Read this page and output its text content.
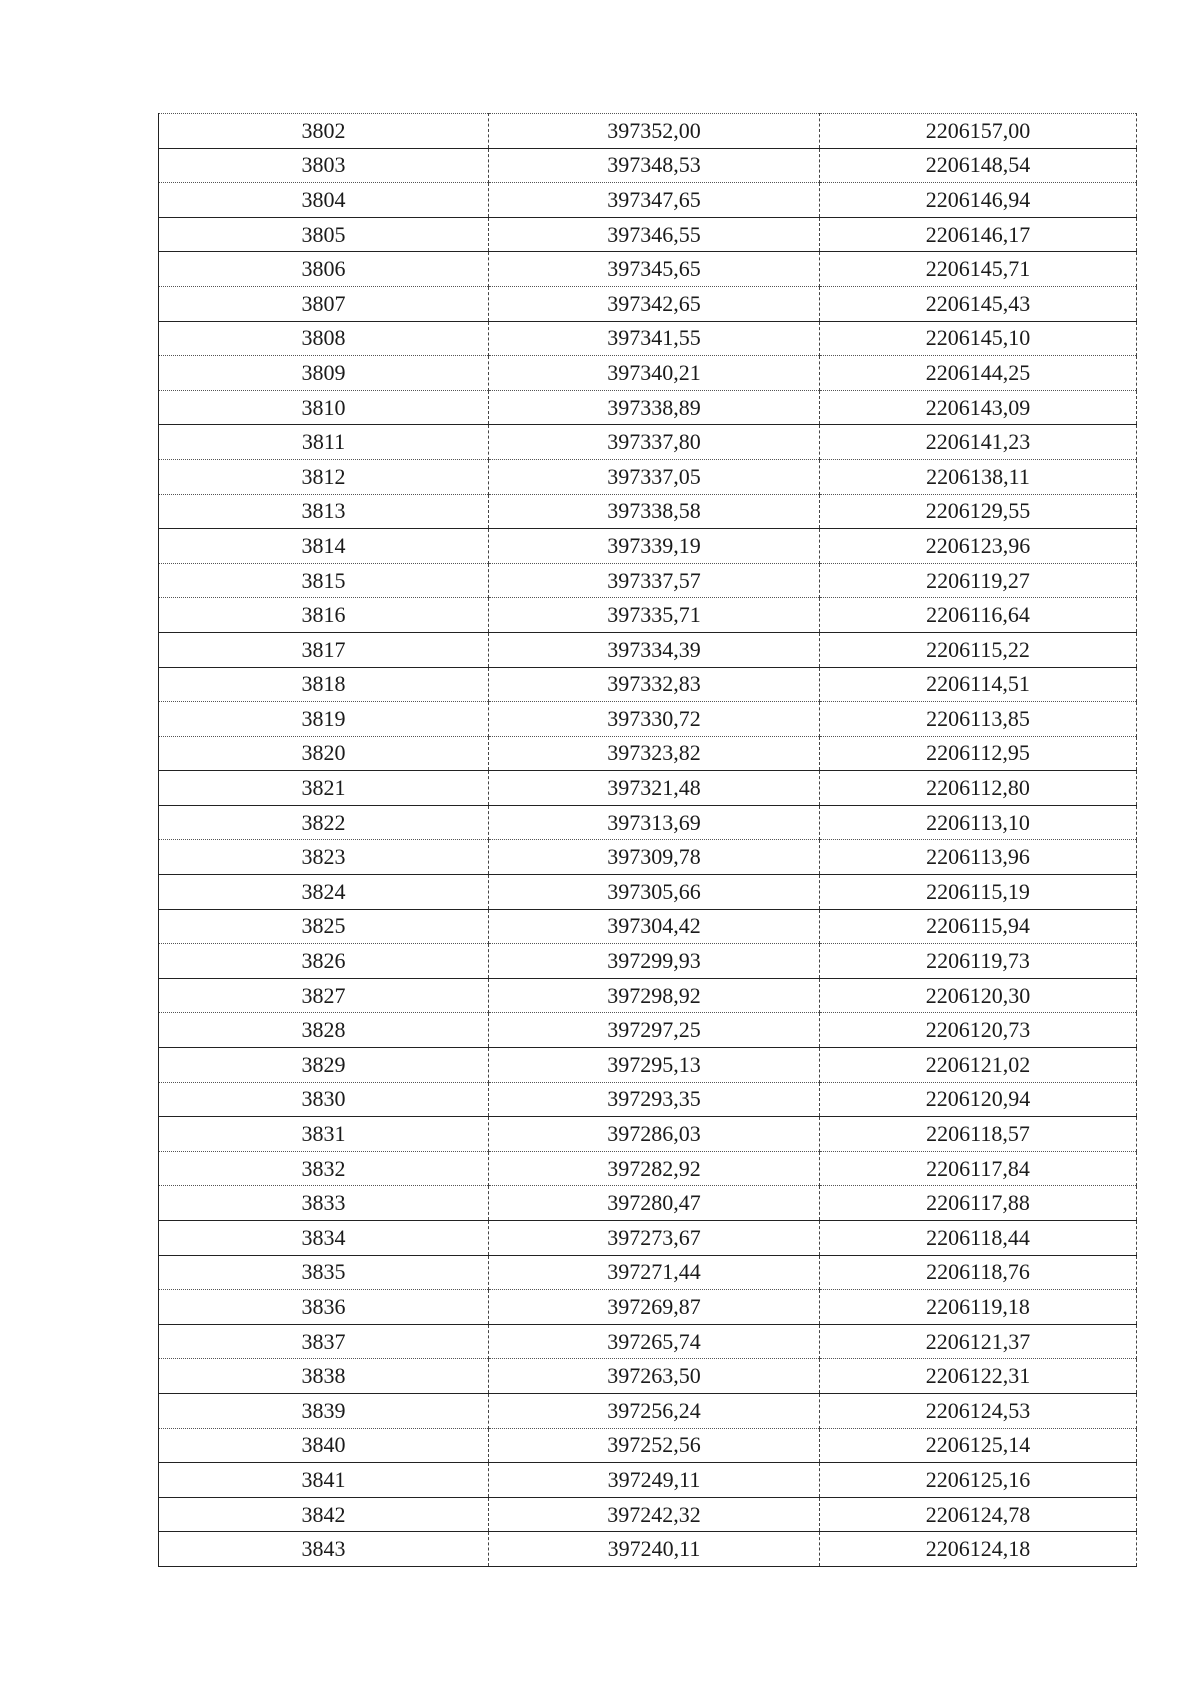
3802	397352,00	2206157,00
3803	397348,53	2206148,54
3804	397347,65	2206146,94
3805	397346,55	2206146,17
3806	397345,65	2206145,71
3807	397342,65	2206145,43
3808	397341,55	2206145,10
3809	397340,21	2206144,25
3810	397338,89	2206143,09
3811	397337,80	2206141,23
3812	397337,05	2206138,11
3813	397338,58	2206129,55
3814	397339,19	2206123,96
3815	397337,57	2206119,27
3816	397335,71	2206116,64
3817	397334,39	2206115,22
3818	397332,83	2206114,51
3819	397330,72	2206113,85
3820	397323,82	2206112,95
3821	397321,48	2206112,80
3822	397313,69	2206113,10
3823	397309,78	2206113,96
3824	397305,66	2206115,19
3825	397304,42	2206115,94
3826	397299,93	2206119,73
3827	397298,92	2206120,30
3828	397297,25	2206120,73
3829	397295,13	2206121,02
3830	397293,35	2206120,94
3831	397286,03	2206118,57
3832	397282,92	2206117,84
3833	397280,47	2206117,88
3834	397273,67	2206118,44
3835	397271,44	2206118,76
3836	397269,87	2206119,18
3837	397265,74	2206121,37
3838	397263,50	2206122,31
3839	397256,24	2206124,53
3840	397252,56	2206125,14
3841	397249,11	2206125,16
3842	397242,32	2206124,78
3843	397240,11	2206124,18
